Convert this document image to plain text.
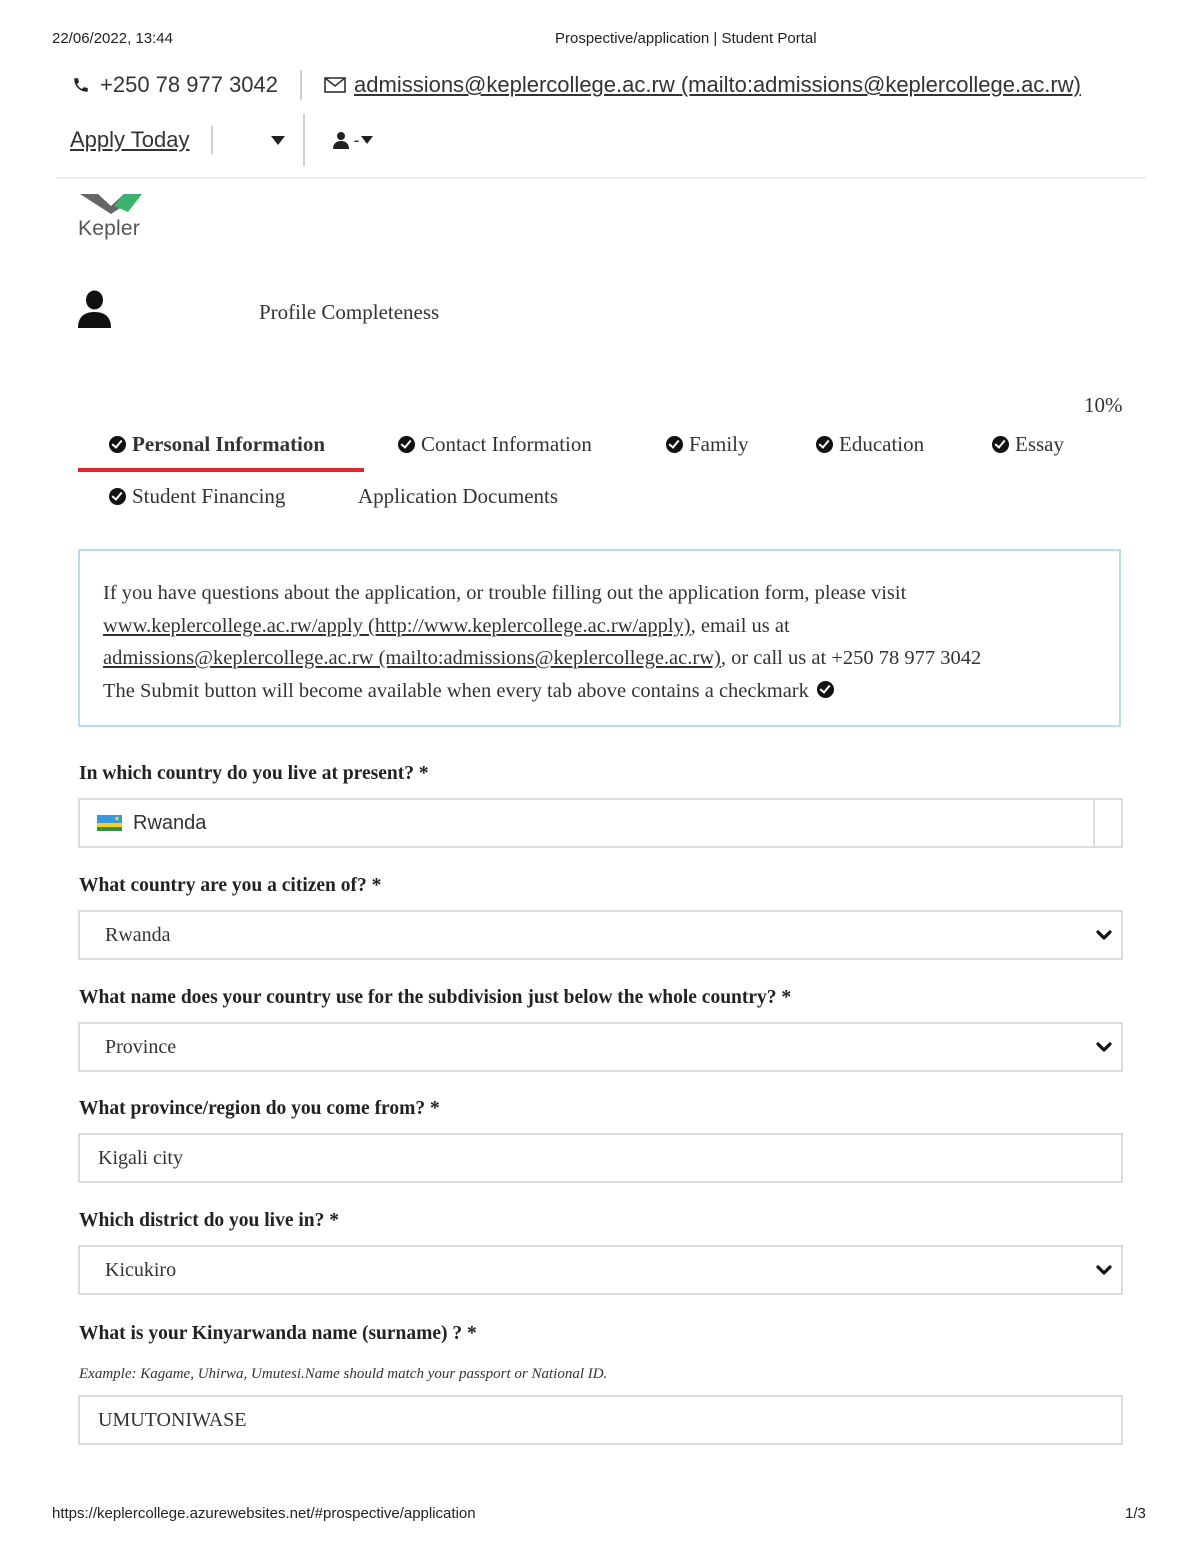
22/06/2022, 13:44	Prospective/application | Student Portal
+250 78 977 3042	admissions@keplercollege.ac.rw (mailto:admissions@keplercollege.ac.rw)
Apply Today	-
Kepler
Profile Completeness
10%
Personal Information	Contact Information	Family	Education	Essay
Student Financing	Application Documents
If you have questions about the application, or trouble filling out the application form, please visit
www.keplercollege.ac.rw/apply (http://www.keplercollege.ac.rw/apply), email us at
admissions@keplercollege.ac.rw (mailto:admissions@keplercollege.ac.rw), or call us at +250 78 977 3042
The Submit button will become available when every tab above contains a checkmark
In which country do you live at present? *
Rwanda
What country are you a citizen of? *
Rwanda
What name does your country use for the subdivision just below the whole country? *
Province
What province/region do you come from? *
Kigali city
Which district do you live in? *
Kicukiro
What is your Kinyarwanda name (surname) ? *
Example: Kagame, Uhirwa, Umutesi.Name should match your passport or National ID.
UMUTONIWASE
https://keplercollege.azurewebsites.net/#prospective/application	1/3
